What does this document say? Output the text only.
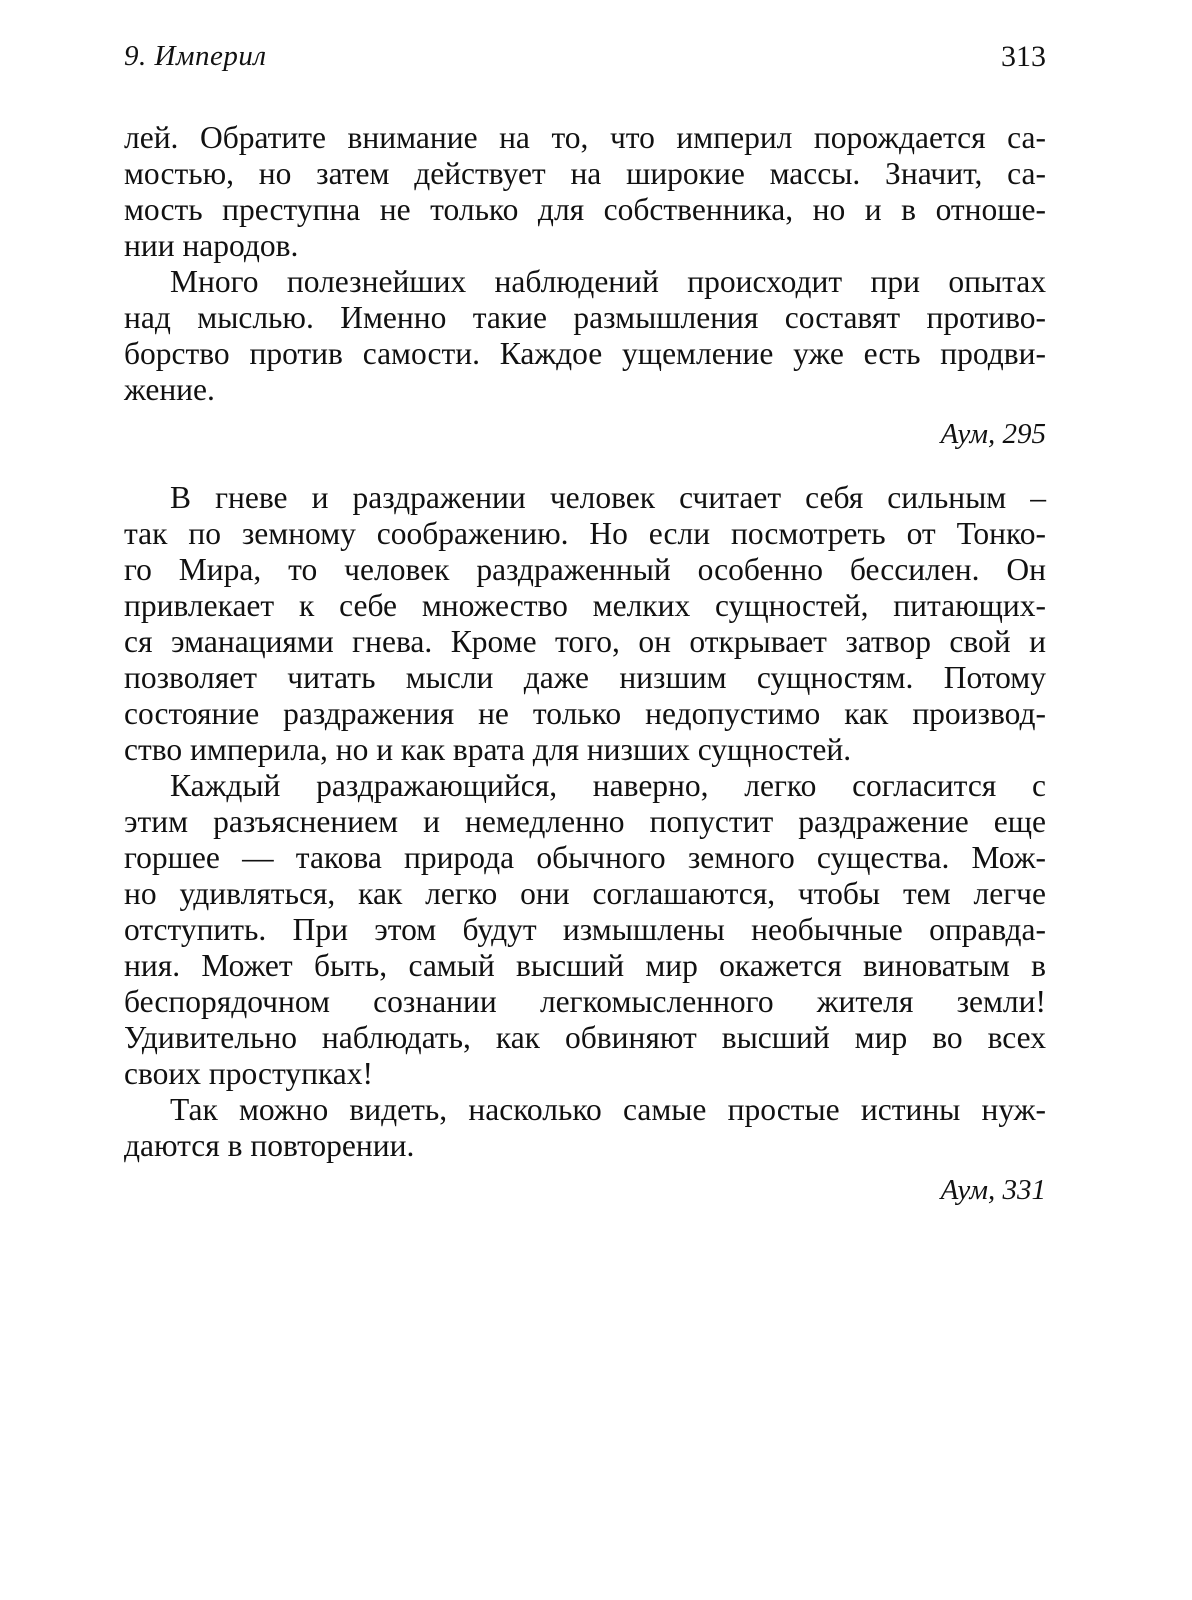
9. Империл	313
лей. Обратите внимание на то, что империл порождается са-
мостью, но затем действует на широкие массы. Значит, са-
мость преступна не только для собственника, но и в отноше-
нии народов.
Много полезнейших наблюдений происходит при опытах
над мыслью. Именно такие размышления составят противо-
борство против самости. Каждое ущемление уже есть продви-
жение.
Аум, 295
В гневе и раздражении человек считает себя сильным –
так по земному соображению. Но если посмотреть от Тонко-
го Мира, то человек раздраженный особенно бессилен. Он
привлекает к себе множество мелких сущностей, питающих-
ся эманациями гнева. Кроме того, он открывает затвор свой и
позволяет читать мысли даже низшим сущностям. Потому
состояние раздражения не только недопустимо как производ-
ство империла, но и как врата для низших сущностей.
Каждый раздражающийся, наверно, легко согласится с
этим разъяснением и немедленно попустит раздражение еще
горшее — такова природа обычного земного существа. Мож-
но удивляться, как легко они соглашаются, чтобы тем легче
отступить. При этом будут измышлены необычные оправда-
ния. Может быть, самый высший мир окажется виноватым в
беспорядочном сознании легкомысленного жителя земли!
Удивительно наблюдать, как обвиняют высший мир во всех
своих проступках!
Так можно видеть, насколько самые простые истины нуж-
даются в повторении.
Аум, 331
